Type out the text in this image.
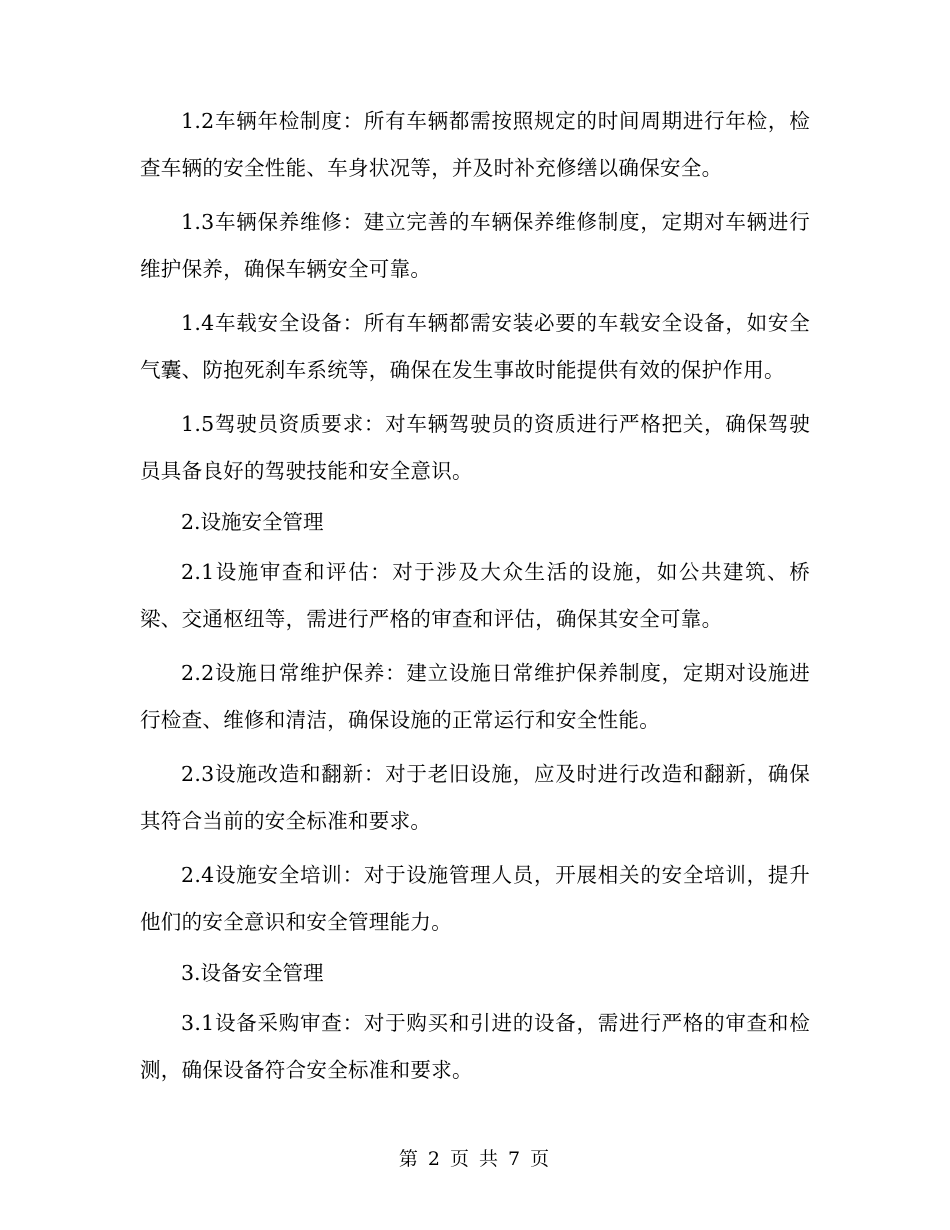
1.2车辆年检制度：所有车辆都需按照规定的时间周期进行年检，检查车辆的安全性能、车身状况等，并及时补充修缮以确保安全。

1.3车辆保养维修：建立完善的车辆保养维修制度，定期对车辆进行维护保养，确保车辆安全可靠。

1.4车载安全设备：所有车辆都需安装必要的车载安全设备，如安全气囊、防抱死刹车系统等，确保在发生事故时能提供有效的保护作用。

1.5驾驶员资质要求：对车辆驾驶员的资质进行严格把关，确保驾驶员具备良好的驾驶技能和安全意识。

2.设施安全管理

2.1设施审查和评估：对于涉及大众生活的设施，如公共建筑、桥梁、交通枢纽等，需进行严格的审查和评估，确保其安全可靠。

2.2设施日常维护保养：建立设施日常维护保养制度，定期对设施进行检查、维修和清洁，确保设施的正常运行和安全性能。

2.3设施改造和翻新：对于老旧设施，应及时进行改造和翻新，确保其符合当前的安全标准和要求。

2.4设施安全培训：对于设施管理人员，开展相关的安全培训，提升他们的安全意识和安全管理能力。

3.设备安全管理

3.1设备采购审查：对于购买和引进的设备，需进行严格的审查和检测，确保设备符合安全标准和要求。

第 2 页 共 7 页
